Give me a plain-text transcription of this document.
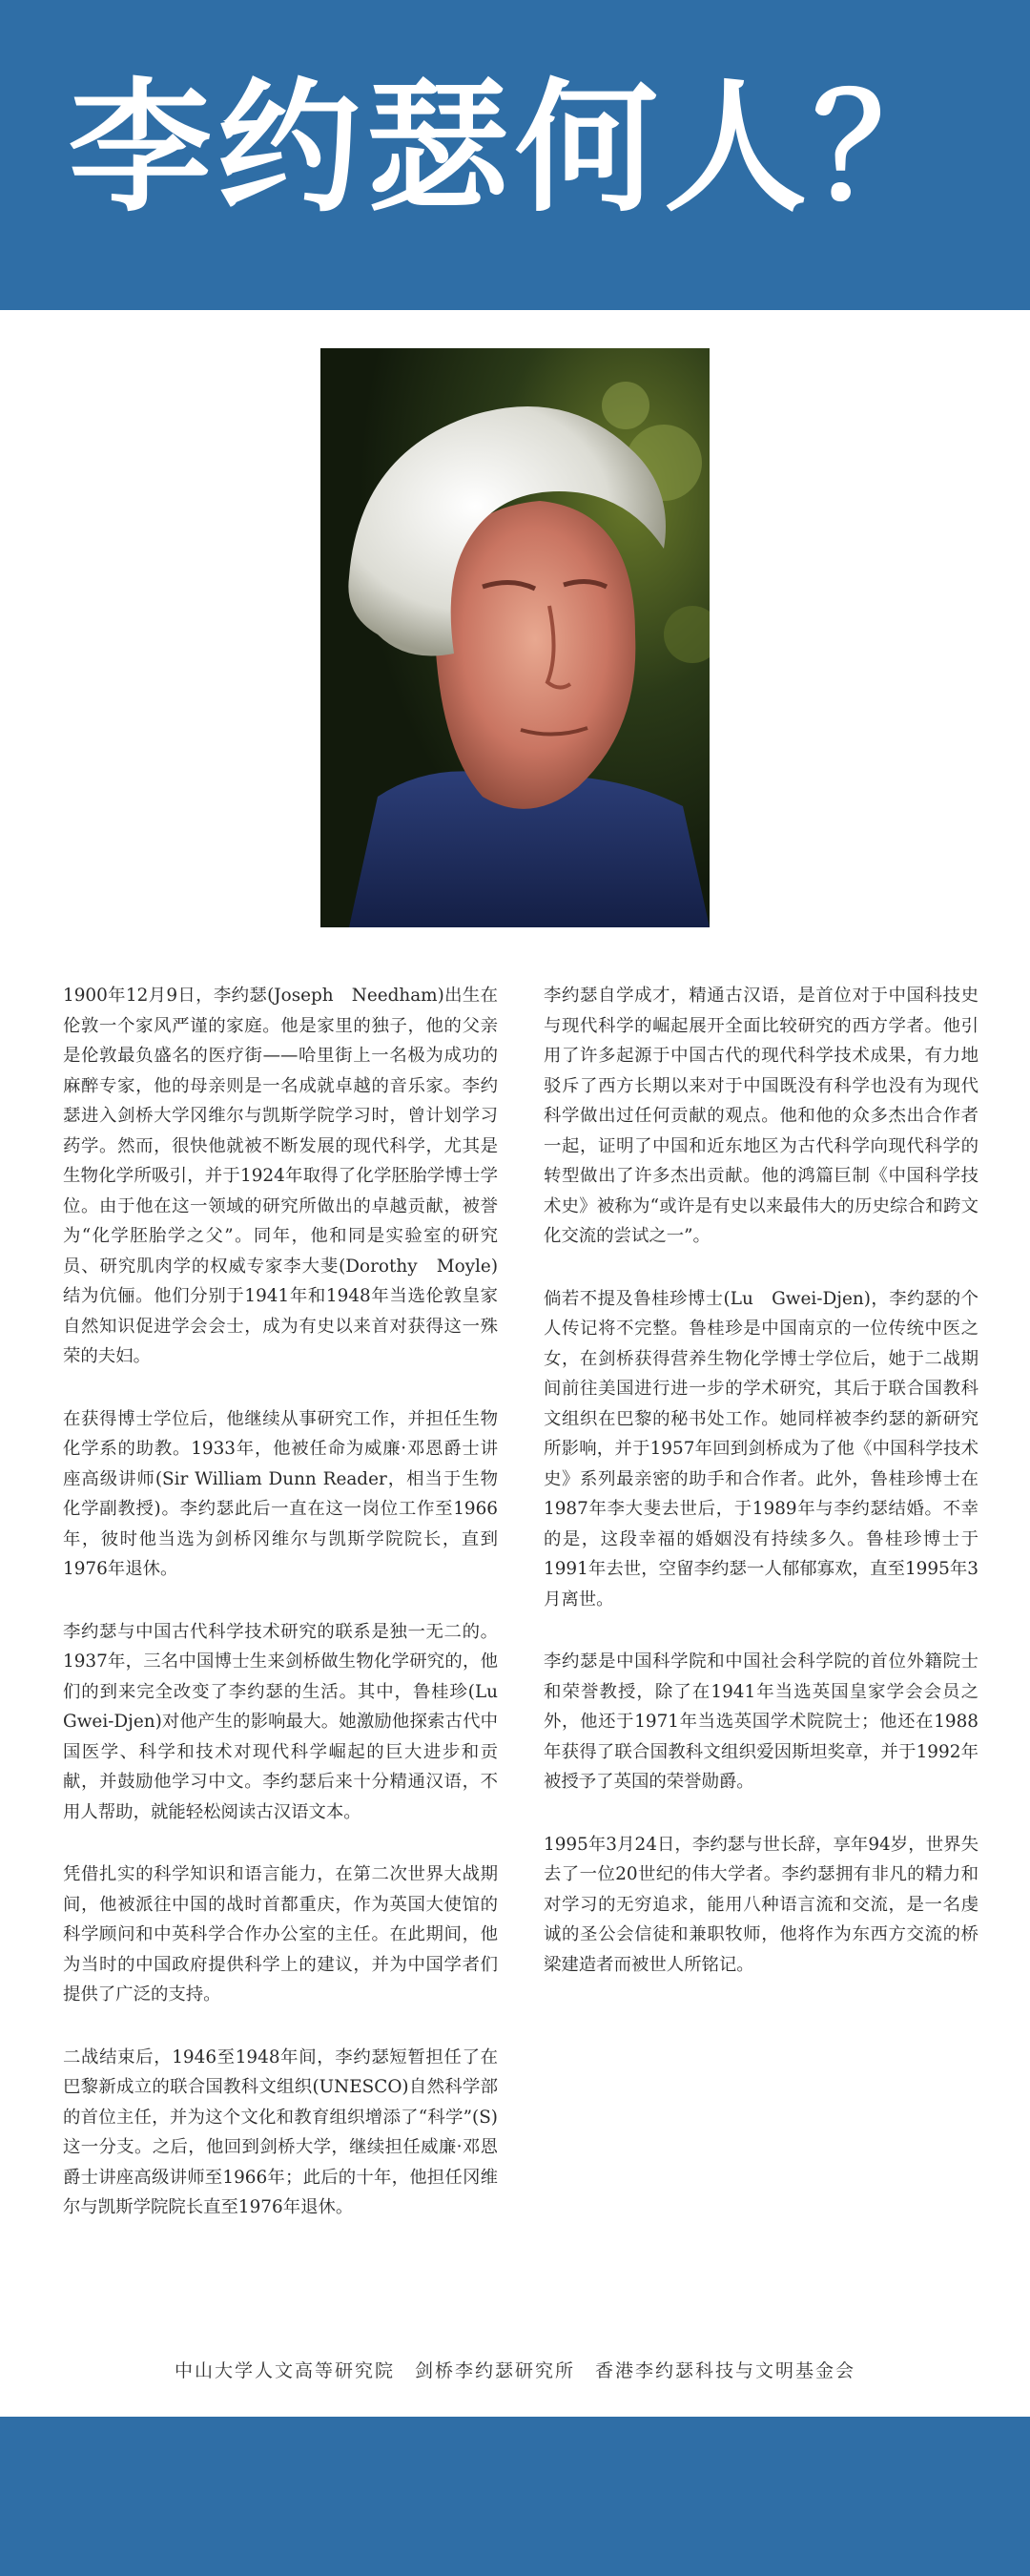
李约瑟何人？

1900年12月9日，李约瑟(Joseph　Needham)出生在伦敦一个家风严谨的家庭。他是家里的独子，他的父亲是伦敦最负盛名的医疗街——哈里街上一名极为成功的麻醉专家，他的母亲则是一名成就卓越的音乐家。李约瑟进入剑桥大学冈维尔与凯斯学院学习时，曾计划学习药学。然而，很快他就被不断发展的现代科学，尤其是生物化学所吸引，并于1924年取得了化学胚胎学博士学位。由于他在这一领域的研究所做出的卓越贡献，被誉为“化学胚胎学之父”。同年，他和同是实验室的研究员、研究肌肉学的权威专家李大斐(Dorothy　Moyle)结为伉俪。他们分别于1941年和1948年当选伦敦皇家自然知识促进学会会士，成为有史以来首对获得这一殊荣的夫妇。

在获得博士学位后，他继续从事研究工作，并担任生物化学系的助教。1933年，他被任命为威廉·邓恩爵士讲座高级讲师(Sir William Dunn Reader，相当于生物化学副教授)。李约瑟此后一直在这一岗位工作至1966年，彼时他当选为剑桥冈维尔与凯斯学院院长，直到1976年退休。

李约瑟与中国古代科学技术研究的联系是独一无二的。1937年，三名中国博士生来剑桥做生物化学研究的，他们的到来完全改变了李约瑟的生活。其中，鲁桂珍(Lu　Gwei-Djen)对他产生的影响最大。她激励他探索古代中国医学、科学和技术对现代科学崛起的巨大进步和贡献，并鼓励他学习中文。李约瑟后来十分精通汉语，不用人帮助，就能轻松阅读古汉语文本。

凭借扎实的科学知识和语言能力，在第二次世界大战期间，他被派往中国的战时首都重庆，作为英国大使馆的科学顾问和中英科学合作办公室的主任。在此期间，他为当时的中国政府提供科学上的建议，并为中国学者们提供了广泛的支持。

二战结束后，1946至1948年间，李约瑟短暂担任了在巴黎新成立的联合国教科文组织(UNESCO)自然科学部的首位主任，并为这个文化和教育组织增添了“科学”(S)这一分支。之后，他回到剑桥大学，继续担任威廉·邓恩爵士讲座高级讲师至1966年；此后的十年，他担任冈维尔与凯斯学院院长直至1976年退休。

李约瑟自学成才，精通古汉语，是首位对于中国科技史与现代科学的崛起展开全面比较研究的西方学者。他引用了许多起源于中国古代的现代科学技术成果，有力地驳斥了西方长期以来对于中国既没有科学也没有为现代科学做出过任何贡献的观点。他和他的众多杰出合作者一起，证明了中国和近东地区为古代科学向现代科学的转型做出了许多杰出贡献。他的鸿篇巨制《中国科学技术史》被称为“或许是有史以来最伟大的历史综合和跨文化交流的尝试之一”。

倘若不提及鲁桂珍博士(Lu　Gwei-Djen)，李约瑟的个人传记将不完整。鲁桂珍是中国南京的一位传统中医之女，在剑桥获得营养生物化学博士学位后，她于二战期间前往美国进行进一步的学术研究，其后于联合国教科文组织在巴黎的秘书处工作。她同样被李约瑟的新研究所影响，并于1957年回到剑桥成为了他《中国科学技术史》系列最亲密的助手和合作者。此外，鲁桂珍博士在1987年李大斐去世后，于1989年与李约瑟结婚。不幸的是，这段幸福的婚姻没有持续多久。鲁桂珍博士于1991年去世，空留李约瑟一人郁郁寡欢，直至1995年3月离世。

李约瑟是中国科学院和中国社会科学院的首位外籍院士和荣誉教授，除了在1941年当选英国皇家学会会员之外，他还于1971年当选英国学术院院士；他还在1988年获得了联合国教科文组织爱因斯坦奖章，并于1992年被授予了英国的荣誉勋爵。

1995年3月24日，李约瑟与世长辞，享年94岁，世界失去了一位20世纪的伟大学者。李约瑟拥有非凡的精力和对学习的无穷追求，能用八种语言流和交流，是一名虔诚的圣公会信徒和兼职牧师，他将作为东西方交流的桥梁建造者而被世人所铭记。

中山大学人文高等研究院　剑桥李约瑟研究所　香港李约瑟科技与文明基金会
